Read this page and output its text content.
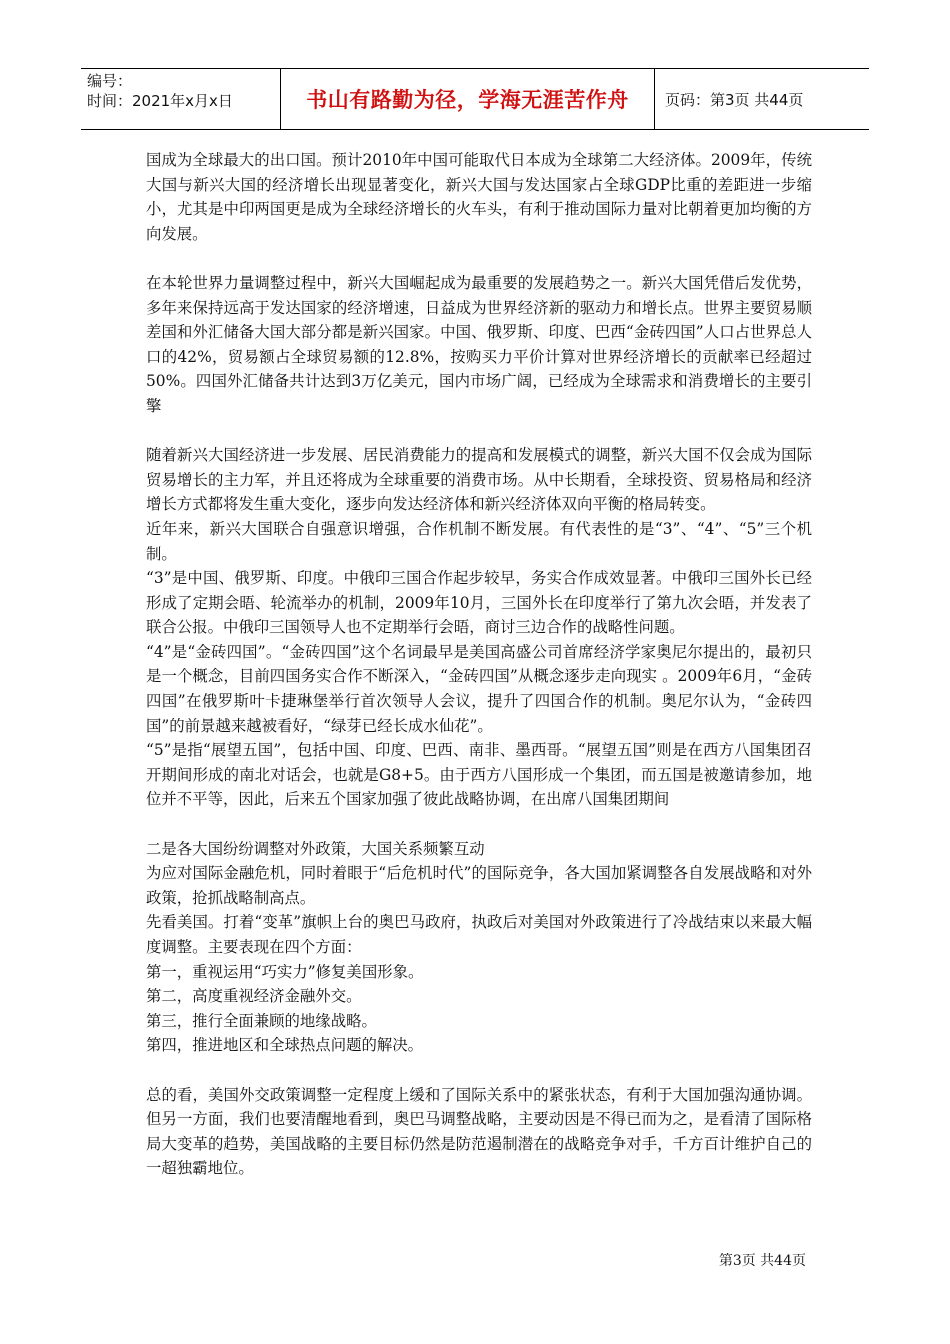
编号：
时间：2021年x月x日	书山有路勤为径，学海无涯苦作舟	页码：第3页 共44页

国成为全球最大的出口国。预计2010年中国可能取代日本成为全球第二大经济体。2009年，传统大国与新兴大国的经济增长出现显著变化，新兴大国与发达国家占全球GDP比重的差距进一步缩小，尤其是中印两国更是成为全球经济增长的火车头，有利于推动国际力量对比朝着更加均衡的方向发展。

在本轮世界力量调整过程中，新兴大国崛起成为最重要的发展趋势之一。新兴大国凭借后发优势，多年来保持远高于发达国家的经济增速，日益成为世界经济新的驱动力和增长点。世界主要贸易顺差国和外汇储备大国大部分都是新兴国家。中国、俄罗斯、印度、巴西“金砖四国”人口占世界总人口的42%，贸易额占全球贸易额的12.8%，按购买力平价计算对世界经济增长的贡献率已经超过50%。四国外汇储备共计达到3万亿美元，国内市场广阔，已经成为全球需求和消费增长的主要引擎

随着新兴大国经济进一步发展、居民消费能力的提高和发展模式的调整，新兴大国不仅会成为国际贸易增长的主力军，并且还将成为全球重要的消费市场。从中长期看，全球投资、贸易格局和经济增长方式都将发生重大变化，逐步向发达经济体和新兴经济体双向平衡的格局转变。

近年来，新兴大国联合自强意识增强，合作机制不断发展。有代表性的是“3”、“4”、“5”三个机制。

“3”是中国、俄罗斯、印度。中俄印三国合作起步较早，务实合作成效显著。中俄印三国外长已经形成了定期会晤、轮流举办的机制，2009年10月，三国外长在印度举行了第九次会晤，并发表了联合公报。中俄印三国领导人也不定期举行会晤，商讨三边合作的战略性问题。

“4”是“金砖四国”。“金砖四国”这个名词最早是美国高盛公司首席经济学家奥尼尔提出的，最初只是一个概念，目前四国务实合作不断深入，“金砖四国”从概念逐步走向现实 。2009年6月，“金砖四国”在俄罗斯叶卡捷琳堡举行首次领导人会议，提升了四国合作的机制。奥尼尔认为，“金砖四国”的前景越来越被看好，“绿芽已经长成水仙花”。

“5”是指“展望五国”，包括中国、印度、巴西、南非、墨西哥。“展望五国”则是在西方八国集团召开期间形成的南北对话会，也就是G8+5。由于西方八国形成一个集团，而五国是被邀请参加，地位并不平等，因此，后来五个国家加强了彼此战略协调，在出席八国集团期间

二是各大国纷纷调整对外政策，大国关系频繁互动

为应对国际金融危机，同时着眼于“后危机时代”的国际竞争，各大国加紧调整各自发展战略和对外政策，抢抓战略制高点。

先看美国。打着“变革”旗帜上台的奥巴马政府，执政后对美国对外政策进行了冷战结束以来最大幅度调整。主要表现在四个方面：

第一，重视运用“巧实力”修复美国形象。

第二，高度重视经济金融外交。

第三，推行全面兼顾的地缘战略。

第四，推进地区和全球热点问题的解决。

总的看，美国外交政策调整一定程度上缓和了国际关系中的紧张状态，有利于大国加强沟通协调。但另一方面，我们也要清醒地看到，奥巴马调整战略，主要动因是不得已而为之，是看清了国际格局大变革的趋势，美国战略的主要目标仍然是防范遏制潜在的战略竞争对手，千方百计维护自己的一超独霸地位。

第3页 共44页
